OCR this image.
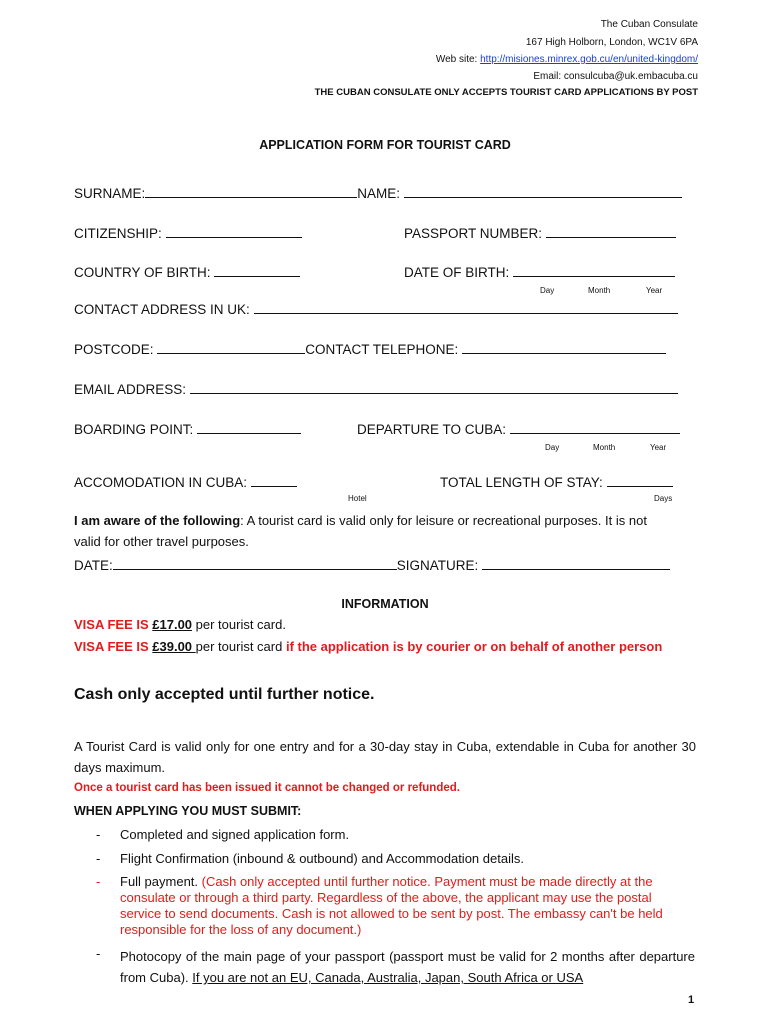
The Cuban Consulate
167 High Holborn, London, WC1V 6PA
Web site: http://misiones.minrex.gob.cu/en/united-kingdom/
Email: consulcuba@uk.embacuba.cu
THE CUBAN CONSULATE ONLY ACCEPTS TOURIST CARD APPLICATIONS BY POST
APPLICATION FORM FOR TOURIST CARD
SURNAME:	NAME:
CITIZENSHIP:	PASSPORT NUMBER:
COUNTRY OF BIRTH:	DATE OF BIRTH:
Day	Month	Year
CONTACT ADDRESS IN UK:
POSTCODE:	CONTACT TELEPHONE:
EMAIL ADDRESS:
BOARDING POINT:	DEPARTURE TO CUBA:
Day	Month	Year
ACCOMODATION IN CUBA:	TOTAL LENGTH OF STAY:
Hotel	Days
I am aware of the following: A tourist card is valid only for leisure or recreational purposes. It is not valid for other travel purposes.
DATE:	SIGNATURE:
INFORMATION
VISA FEE IS £17.00 per tourist card.
VISA FEE IS £39.00 per tourist card if the application is by courier or on behalf of another person
Cash only accepted until further notice.
A Tourist Card is valid only for one entry and for a 30-day stay in Cuba, extendable in Cuba for another 30 days maximum.
Once a tourist card has been issued it cannot be changed or refunded.
WHEN APPLYING YOU MUST SUBMIT:
- Completed and signed application form.
- Flight Confirmation (inbound & outbound) and Accommodation details.
- Full payment. (Cash only accepted until further notice. Payment must be made directly at the consulate or through a third party. Regardless of the above, the applicant may use the postal service to send documents. Cash is not allowed to be sent by post. The embassy can't be held responsible for the loss of any document.)
- Photocopy of the main page of your passport (passport must be valid for 2 months after departure from Cuba). If you are not an EU, Canada, Australia, Japan, South Africa or USA
1
